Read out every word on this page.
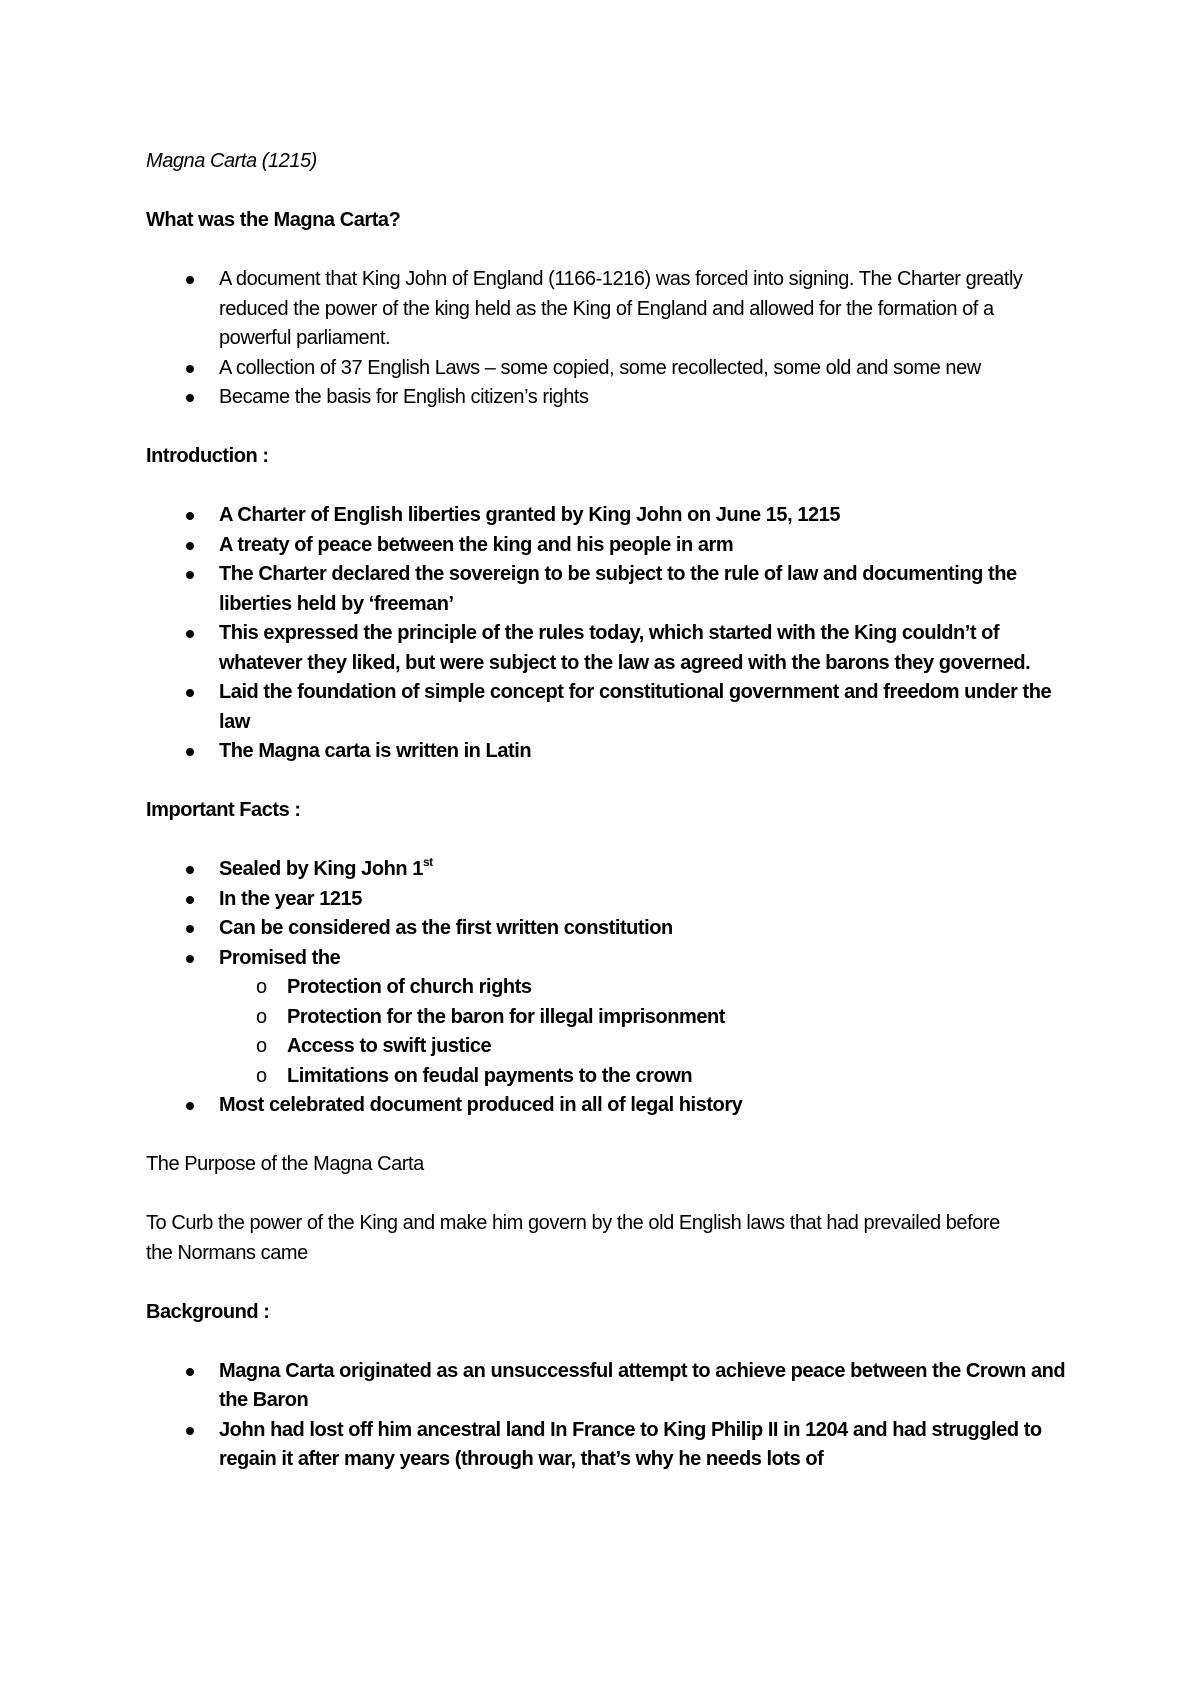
Magna Carta (1215)
What was the Magna Carta?
A document that King John of England (1166-1216) was forced into signing. The Charter greatly reduced the power of the king held as the King of England and allowed for the formation of a powerful parliament.
A collection of 37 English Laws – some copied, some recollected, some old and some new
Became the basis for English citizen’s rights
Introduction :
A Charter of English liberties granted by King John on June 15, 1215
A treaty of peace between the king and his people in arm
The Charter declared the sovereign to be subject to the rule of law and documenting the liberties held by ‘freeman’
This expressed the principle of the rules today, which started with the King couldn’t of whatever they liked, but were subject to the law as agreed with the barons they governed.
Laid the foundation of simple concept for constitutional government and freedom under the law
The Magna carta is written in Latin
Important Facts :
Sealed by King John 1st
In the year 1215
Can be considered as the first written constitution
Promised the
o Protection of church rights
o Protection for the baron for illegal imprisonment
o Access to swift justice
o Limitations on feudal payments to the crown
Most celebrated document produced in all of legal history
The Purpose of the Magna Carta
To Curb the power of the King and make him govern by the old English laws that had prevailed before the Normans came
Background :
Magna Carta originated as an unsuccessful attempt to achieve peace between the Crown and the Baron
John had lost off him ancestral land In France to King Philip II in 1204 and had struggled to regain it after many years (through war, that’s why he needs lots of
